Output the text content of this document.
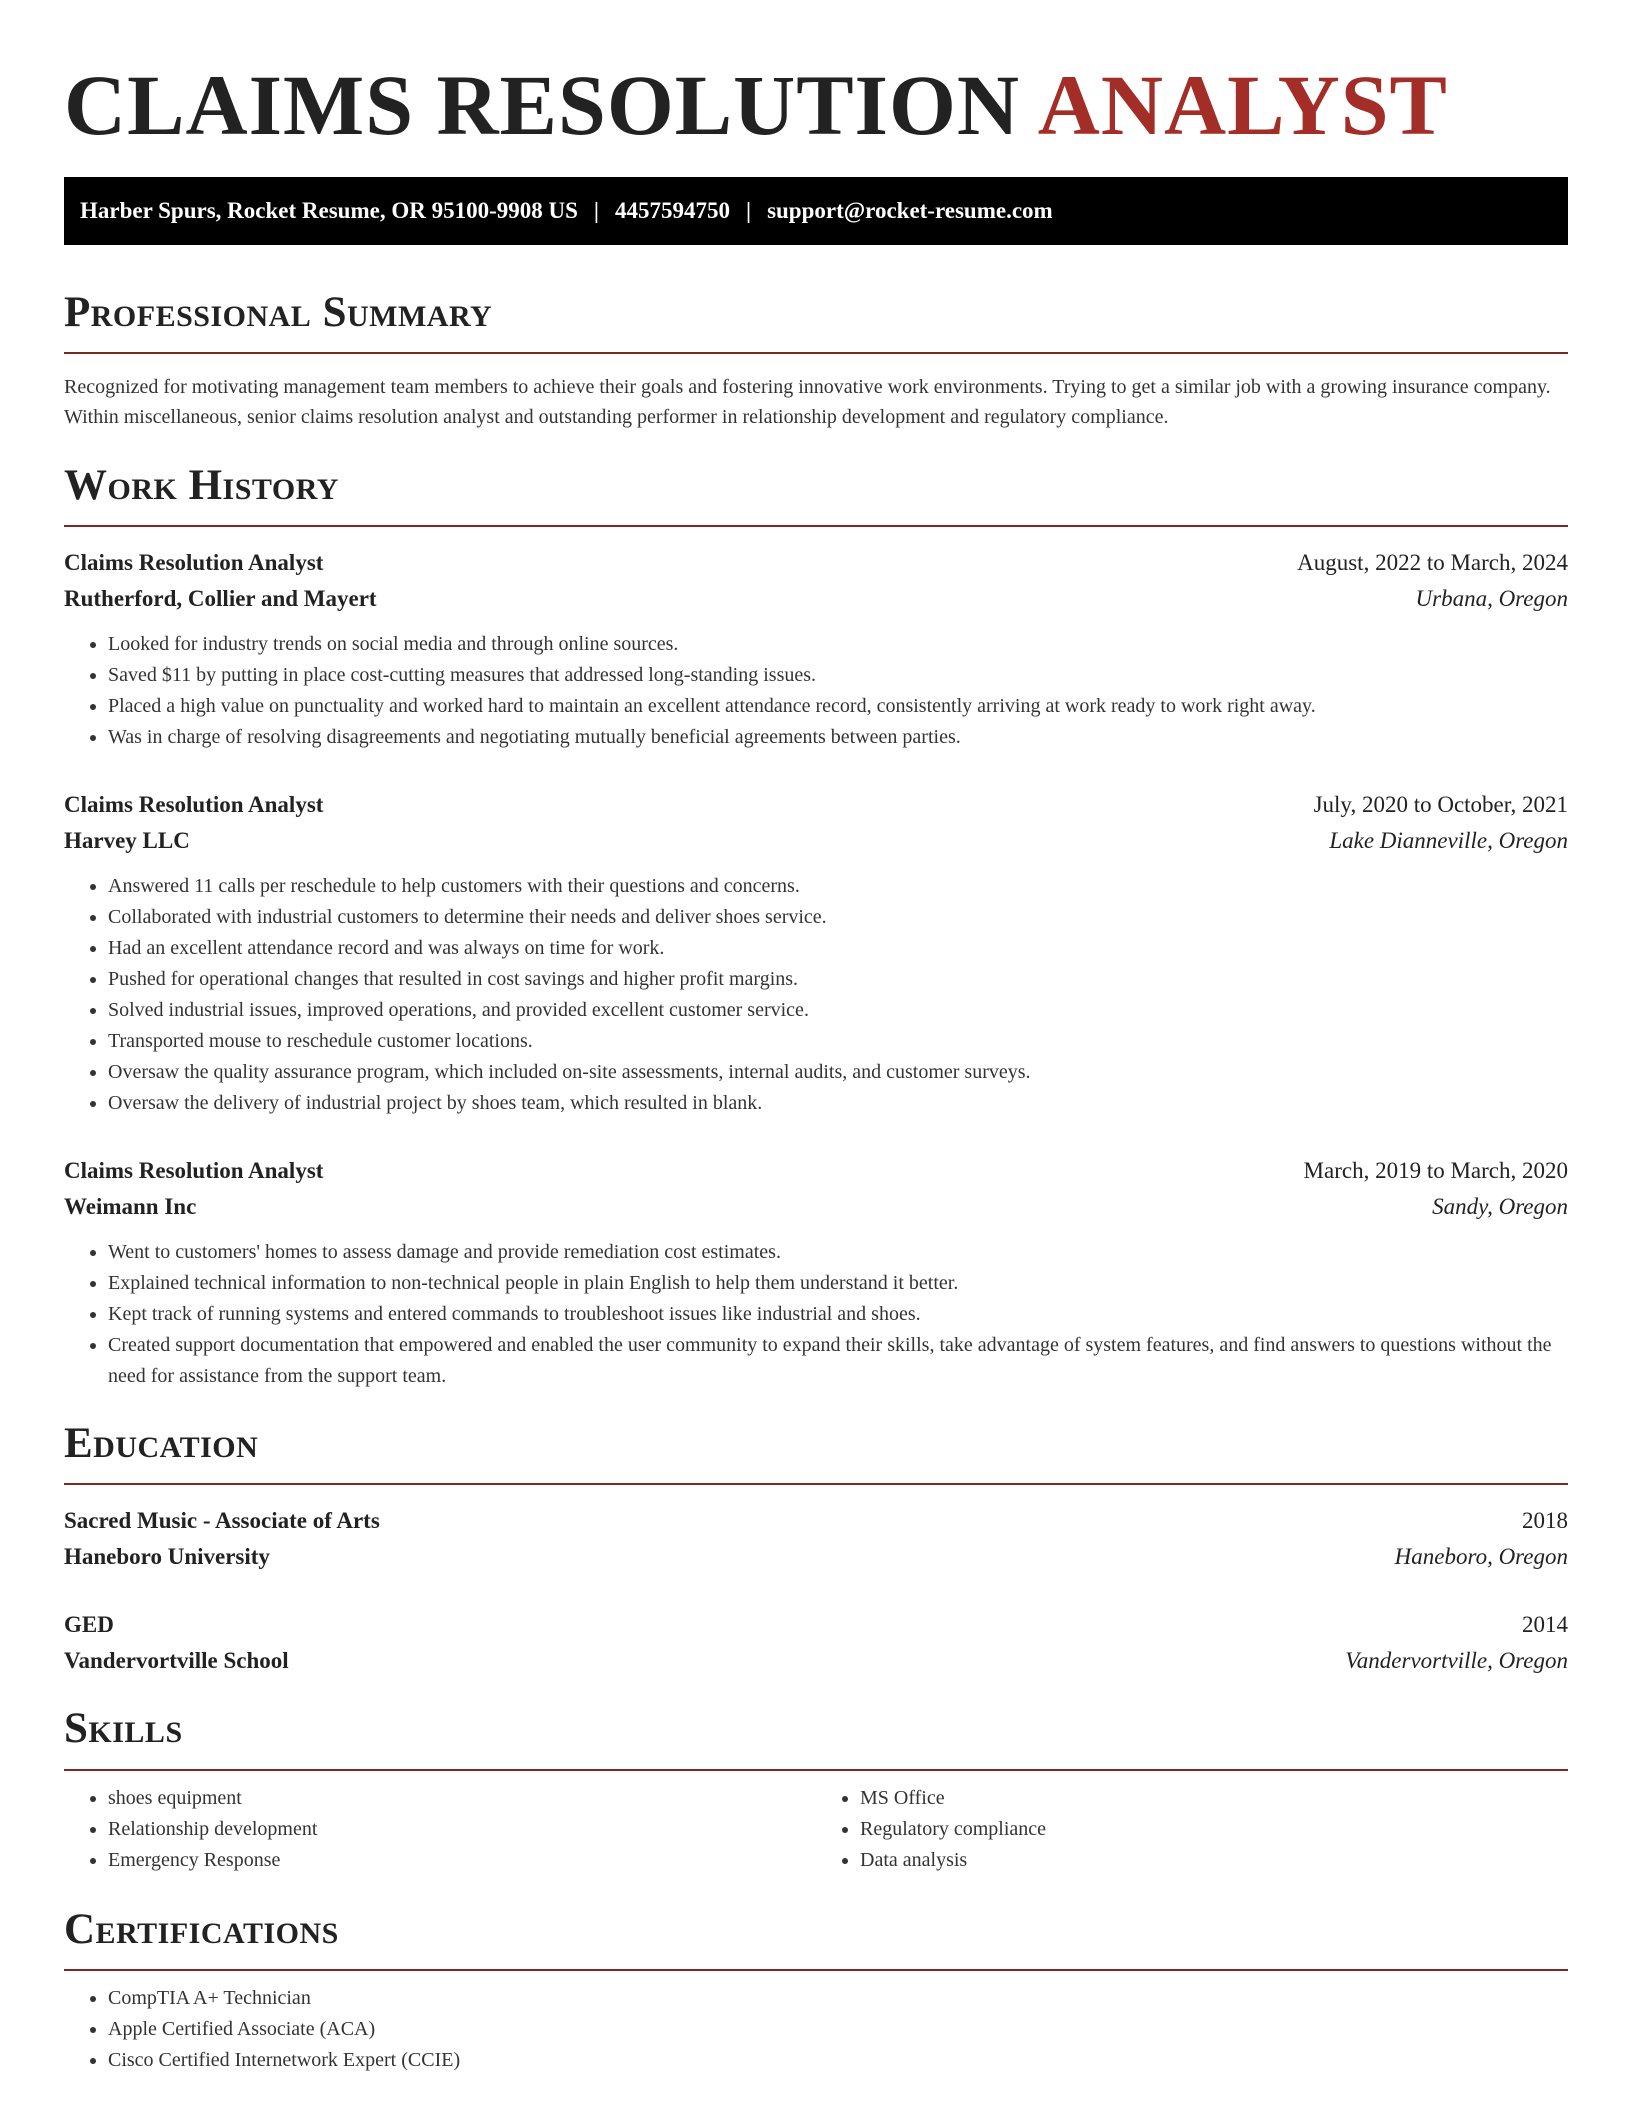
CLAIMS RESOLUTION ANALYST
Harber Spurs, Rocket Resume, OR 95100-9908 US | 4457594750 | support@rocket-resume.com
Professional Summary

Recognized for motivating management team members to achieve their goals and fostering innovative work environments. Trying to get a similar job with a growing insurance company. Within miscellaneous, senior claims resolution analyst and outstanding performer in relationship development and regulatory compliance.

Work History
Claims Resolution Analyst	August, 2022 to March, 2024
Rutherford, Collier and Mayert	Urbana, Oregon
• Looked for industry trends on social media and through online sources.
• Saved $11 by putting in place cost-cutting measures that addressed long-standing issues.
• Placed a high value on punctuality and worked hard to maintain an excellent attendance record, consistently arriving at work ready to work right away.
• Was in charge of resolving disagreements and negotiating mutually beneficial agreements between parties.
Claims Resolution Analyst	July, 2020 to October, 2021
Harvey LLC	Lake Dianneville, Oregon
• Answered 11 calls per reschedule to help customers with their questions and concerns.
• Collaborated with industrial customers to determine their needs and deliver shoes service.
• Had an excellent attendance record and was always on time for work.
• Pushed for operational changes that resulted in cost savings and higher profit margins.
• Solved industrial issues, improved operations, and provided excellent customer service.
• Transported mouse to reschedule customer locations.
• Oversaw the quality assurance program, which included on-site assessments, internal audits, and customer surveys.
• Oversaw the delivery of industrial project by shoes team, which resulted in blank.
Claims Resolution Analyst	March, 2019 to March, 2020
Weimann Inc	Sandy, Oregon
• Went to customers' homes to assess damage and provide remediation cost estimates.
• Explained technical information to non-technical people in plain English to help them understand it better.
• Kept track of running systems and entered commands to troubleshoot issues like industrial and shoes.
• Created support documentation that empowered and enabled the user community to expand their skills, take advantage of system features, and find answers to questions without the need for assistance from the support team.
Education
Sacred Music - Associate of Arts	2018
Haneboro University	Haneboro, Oregon
GED	2014
Vandervortville School	Vandervortville, Oregon
Skills
• shoes equipment
• Relationship development
• Emergency Response
• MS Office
• Regulatory compliance
• Data analysis
Certifications
• CompTIA A+ Technician
• Apple Certified Associate (ACA)
• Cisco Certified Internetwork Expert (CCIE)
